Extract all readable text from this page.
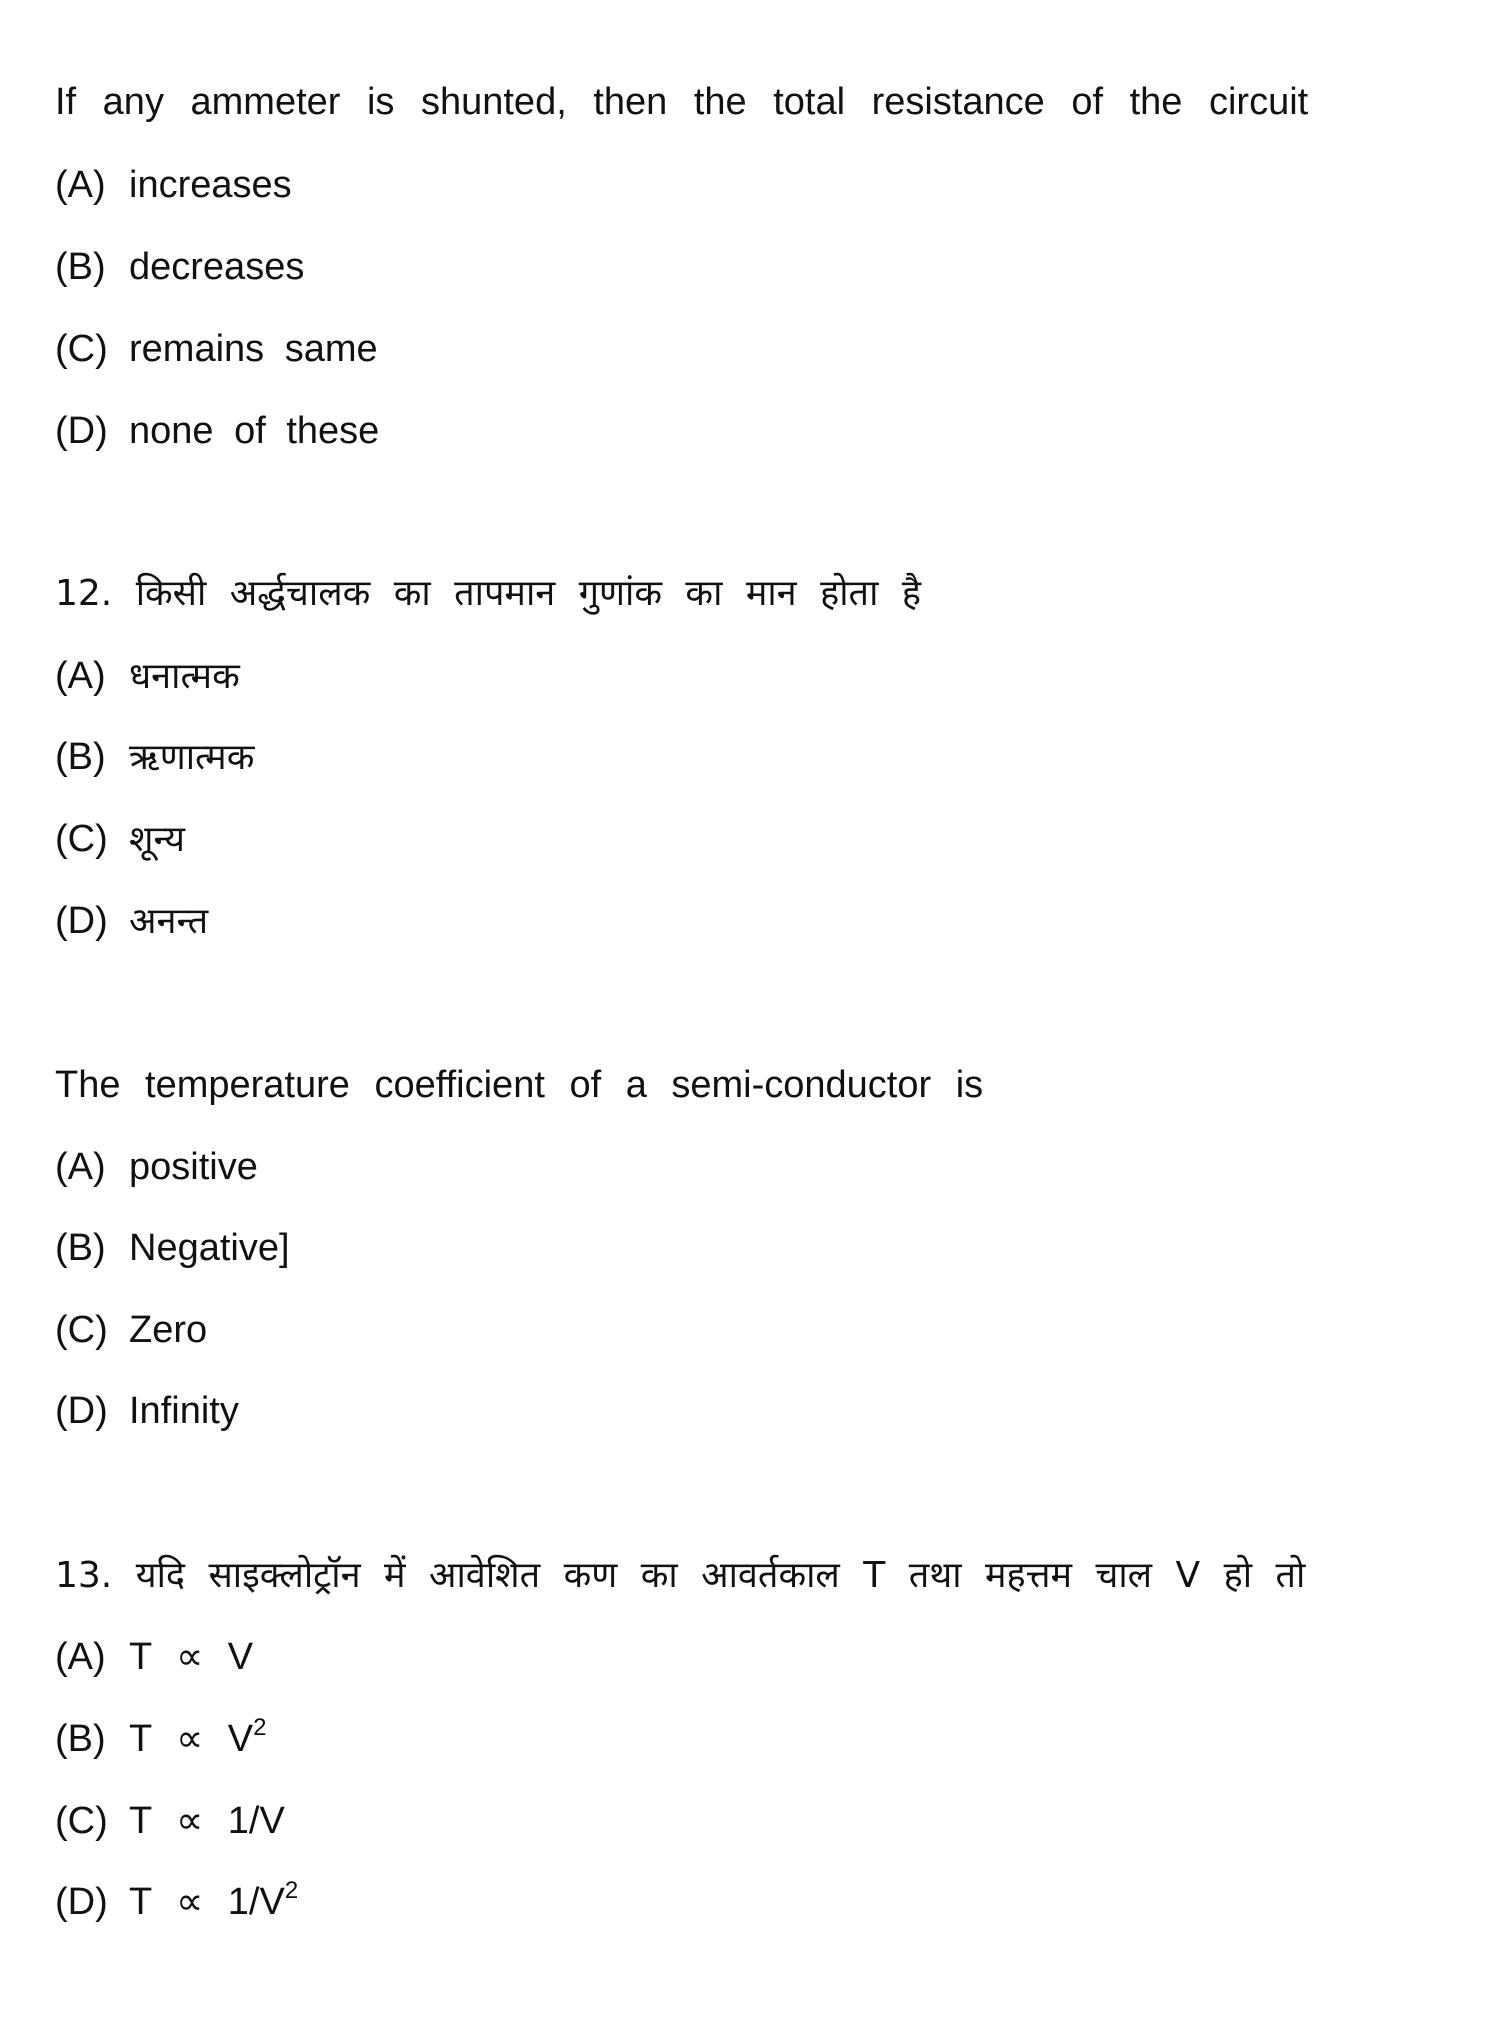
If any ammeter is shunted, then the total resistance of the circuit
(A) increases
(B) decreases
(C) remains same
(D) none of these
12. किसी अर्द्धचालक का तापमान गुणांक का मान होता है
(A) धनात्मक
(B) ऋणात्मक
(C) शून्य
(D) अनन्त
The temperature coefficient of a semi-conductor is
(A) positive
(B) Negative]
(C) Zero
(D) Infinity
13. यदि साइक्लोट्रॉन में आवेशित कण का आवर्तकाल T तथा महत्तम चाल V हो तो
(A) T ∝ V
(B) $T \propto V^2$
(C) T ∝ 1/V
(D) $T \propto 1/V^2$
